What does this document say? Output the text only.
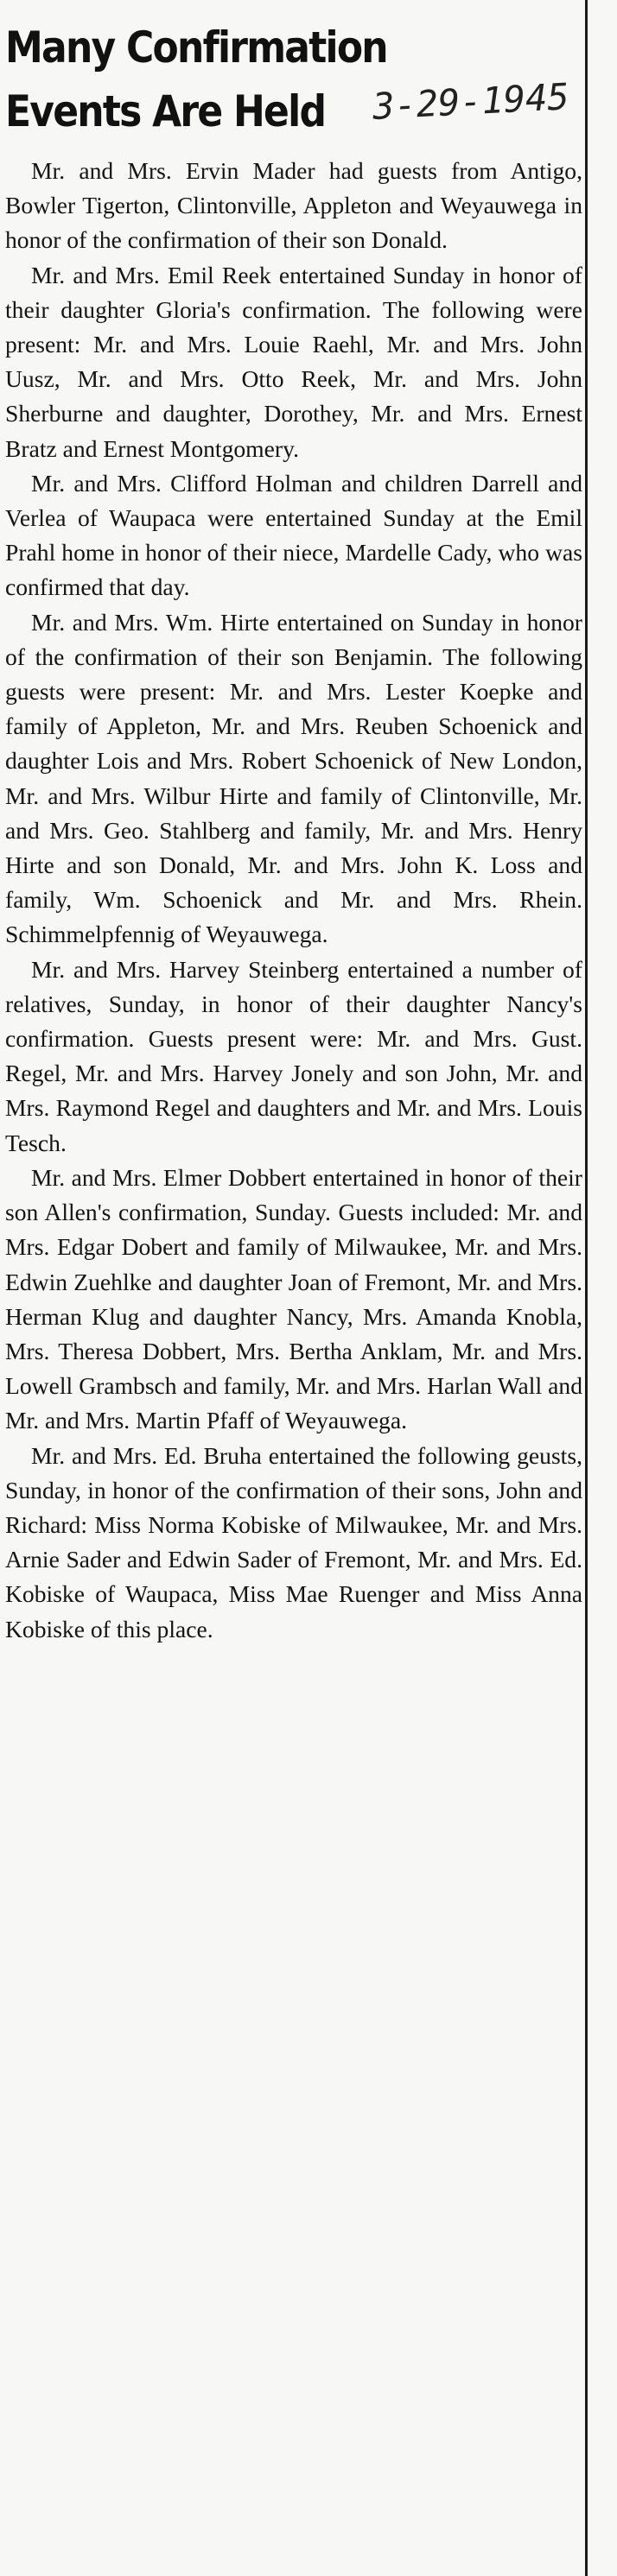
Many Confirmation
Events Are Held	3-29-1945

Mr. and Mrs. Ervin Mader had guests from Antigo, Bowler Tigerton, Clintonville, Appleton and Weyauwega in honor of the confirmation of their son Donald.

Mr. and Mrs. Emil Reek entertained Sunday in honor of their daughter Gloria's confirmation. The following were present: Mr. and Mrs. Louie Raehl, Mr. and Mrs. John Uusz, Mr. and Mrs. Otto Reek, Mr. and Mrs. John Sherburne and daughter, Dorothey, Mr. and Mrs. Ernest Bratz and Ernest Montgomery.

Mr. and Mrs. Clifford Holman and children Darrell and Verlea of Waupaca were entertained Sunday at the Emil Prahl home in honor of their niece, Mardelle Cady, who was confirmed that day.

Mr. and Mrs. Wm. Hirte entertained on Sunday in honor of the confirmation of their son Benjamin. The following guests were present: Mr. and Mrs. Lester Koepke and family of Appleton, Mr. and Mrs. Reuben Schoenick and daughter Lois and Mrs. Robert Schoenick of New London, Mr. and Mrs. Wilbur Hirte and family of Clintonville, Mr. and Mrs. Geo. Stahlberg and family, Mr. and Mrs. Henry Hirte and son Donald, Mr. and Mrs. John K. Loss and family, Wm. Schoenick and Mr. and Mrs. Rhein. Schimmelpfennig of Weyauwega.

Mr. and Mrs. Harvey Steinberg entertained a number of relatives, Sunday, in honor of their daughter Nancy's confirmation. Guests present were: Mr. and Mrs. Gust. Regel, Mr. and Mrs. Harvey Jonely and son John, Mr. and Mrs. Raymond Regel and daughters and Mr. and Mrs. Louis Tesch.

Mr. and Mrs. Elmer Dobbert entertained in honor of their son Allen's confirmation, Sunday. Guests included: Mr. and Mrs. Edgar Dobert and family of Milwaukee, Mr. and Mrs. Edwin Zuehlke and daughter Joan of Fremont, Mr. and Mrs. Herman Klug and daughter Nancy, Mrs. Amanda Knobla, Mrs. Theresa Dobbert, Mrs. Bertha Anklam, Mr. and Mrs. Lowell Grambsch and family, Mr. and Mrs. Harlan Wall and Mr. and Mrs. Martin Pfaff of Weyauwega.

Mr. and Mrs. Ed. Bruha entertained the following geusts, Sunday, in honor of the confirmation of their sons, John and Richard: Miss Norma Kobiske of Milwaukee, Mr. and Mrs. Arnie Sader and Edwin Sader of Fremont, Mr. and Mrs. Ed. Kobiske of Waupaca, Miss Mae Ruenger and Miss Anna Kobiske of this place.
